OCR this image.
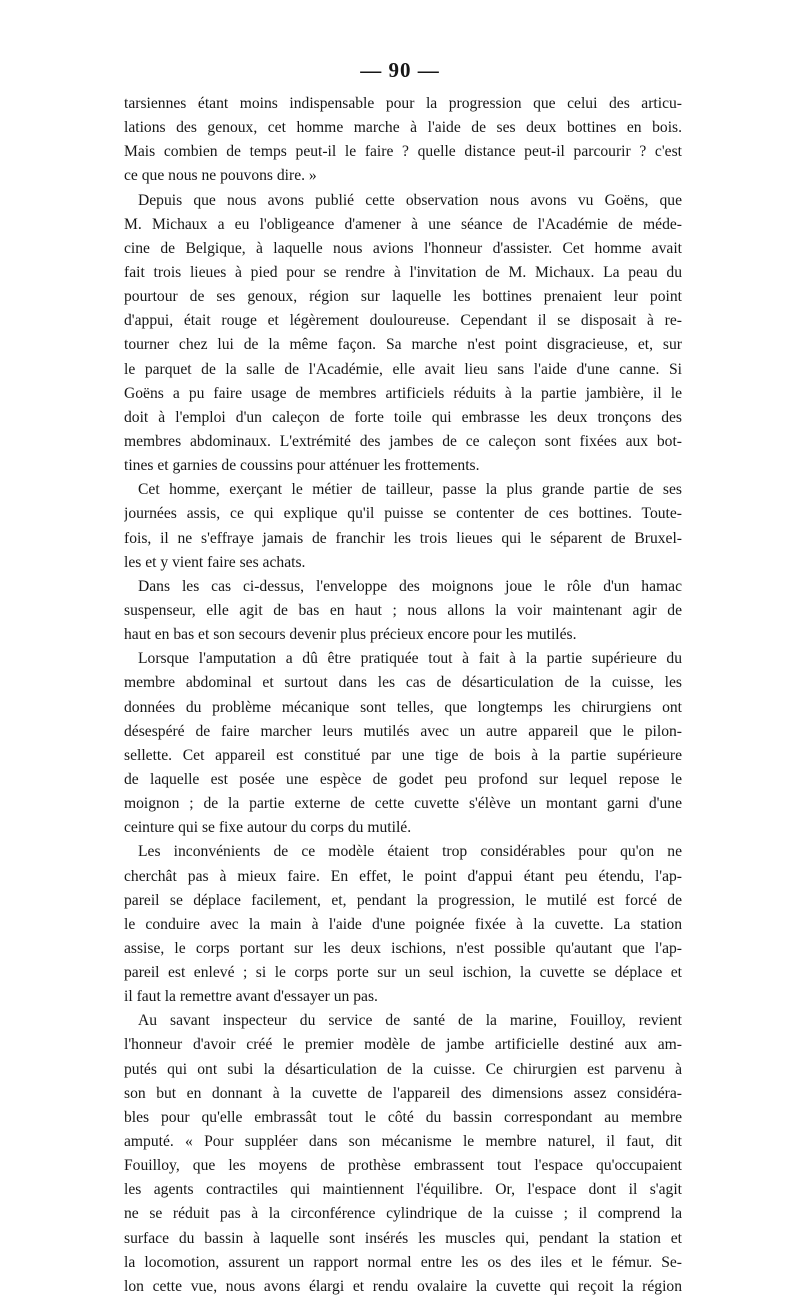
— 90 —
tarsiennes étant moins indispensable pour la progression que celui des articu-
lations des genoux, cet homme marche à l'aide de ses deux bottines en bois.
Mais combien de temps peut-il le faire ? quelle distance peut-il parcourir ? c'est
ce que nous ne pouvons dire. »
Depuis que nous avons publié cette observation nous avons vu Goëns, que
M. Michaux a eu l'obligeance d'amener à une séance de l'Académie de méde-
cine de Belgique, à laquelle nous avions l'honneur d'assister. Cet homme avait
fait trois lieues à pied pour se rendre à l'invitation de M. Michaux. La peau du
pourtour de ses genoux, région sur laquelle les bottines prenaient leur point
d'appui, était rouge et légèrement douloureuse. Cependant il se disposait à re-
tourner chez lui de la même façon. Sa marche n'est point disgracieuse, et, sur
le parquet de la salle de l'Académie, elle avait lieu sans l'aide d'une canne. Si
Goëns a pu faire usage de membres artificiels réduits à la partie jambière, il le
doit à l'emploi d'un caleçon de forte toile qui embrasse les deux tronçons des
membres abdominaux. L'extrémité des jambes de ce caleçon sont fixées aux bot-
tines et garnies de coussins pour atténuer les frottements.
Cet homme, exerçant le métier de tailleur, passe la plus grande partie de ses
journées assis, ce qui explique qu'il puisse se contenter de ces bottines. Toute-
fois, il ne s'effraye jamais de franchir les trois lieues qui le séparent de Bruxel-
les et y vient faire ses achats.
Dans les cas ci-dessus, l'enveloppe des moignons joue le rôle d'un hamac
suspenseur, elle agit de bas en haut ; nous allons la voir maintenant agir de
haut en bas et son secours devenir plus précieux encore pour les mutilés.
Lorsque l'amputation a dû être pratiquée tout à fait à la partie supérieure du
membre abdominal et surtout dans les cas de désarticulation de la cuisse, les
données du problème mécanique sont telles, que longtemps les chirurgiens ont
désespéré de faire marcher leurs mutilés avec un autre appareil que le pilon-
sellette. Cet appareil est constitué par une tige de bois à la partie supérieure
de laquelle est posée une espèce de godet peu profond sur lequel repose le
moignon ; de la partie externe de cette cuvette s'élève un montant garni d'une
ceinture qui se fixe autour du corps du mutilé.
Les inconvénients de ce modèle étaient trop considérables pour qu'on ne
cherchât pas à mieux faire. En effet, le point d'appui étant peu étendu, l'ap-
pareil se déplace facilement, et, pendant la progression, le mutilé est forcé de
le conduire avec la main à l'aide d'une poignée fixée à la cuvette. La station
assise, le corps portant sur les deux ischions, n'est possible qu'autant que l'ap-
pareil est enlevé ; si le corps porte sur un seul ischion, la cuvette se déplace et
il faut la remettre avant d'essayer un pas.
Au savant inspecteur du service de santé de la marine, Fouilloy, revient
l'honneur d'avoir créé le premier modèle de jambe artificielle destiné aux am-
putés qui ont subi la désarticulation de la cuisse. Ce chirurgien est parvenu à
son but en donnant à la cuvette de l'appareil des dimensions assez considéra-
bles pour qu'elle embrassât tout le côté du bassin correspondant au membre
amputé. « Pour suppléer dans son mécanisme le membre naturel, il faut, dit
Fouilloy, que les moyens de prothèse embrassent tout l'espace qu'occupaient
les agents contractiles qui maintiennent l'équilibre. Or, l'espace dont il s'agit
ne se réduit pas à la circonférence cylindrique de la cuisse ; il comprend la
surface du bassin à laquelle sont insérés les muscles qui, pendant la station et
la locomotion, assurent un rapport normal entre les os des iles et le fémur. Se-
lon cette vue, nous avons élargi et rendu ovalaire la cuvette qui reçoit la région
